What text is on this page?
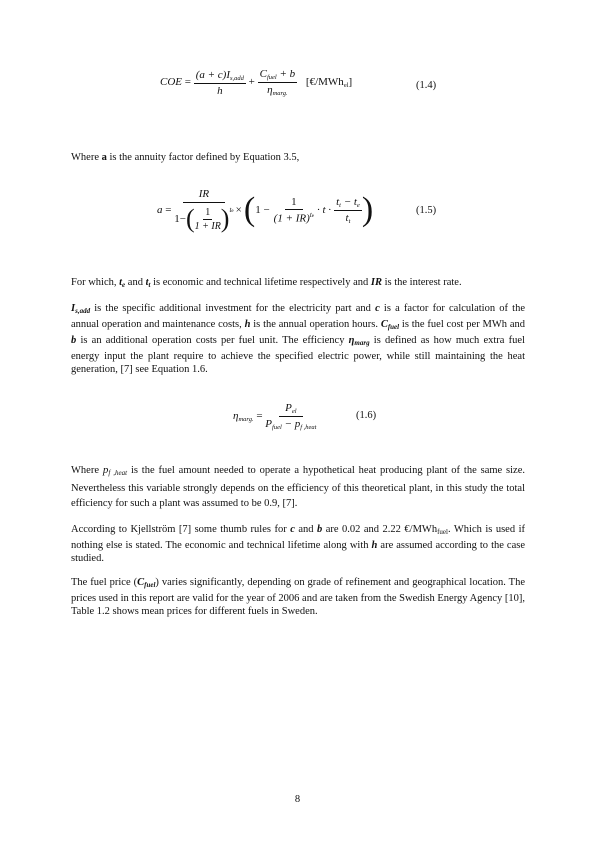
COE = $\frac{(a + c)I_{s,add}}{h} + \frac{C_{fuel} + b}{\eta_{marg.}}$ [€/MWh$_{el}$]	(1.4)
Where a is the annuity factor defined by Equation 3.5,
a =
IR
1− ( $\frac{1}{1 + IR}$ ) $^{te}$ × ( $1 - \frac{1}{(1 + IR)^{te}} \cdot t \cdot \frac{t_t - t_e}{t_t}$ )	(1.5)
For which, te and tt is economic and technical lifetime respectively and IR is the interest rate.
Is,add is the specific additional investment for the electricity part and c is a factor for calculation of the annual operation and maintenance costs, h is the annual operation hours. Cfuel is the fuel cost per MWh and b is an additional operation costs per fuel unit. The efficiency ηmarg is defined as how much extra fuel energy input the plant require to achieve the specified electric power, while still maintaining the heat generation, [7] see Equation 1.6.
$\eta_{marg.} = \frac{P_{el}}{P_{fuel} - p_{f ,heat}}$	(1.6)
Where pf ,heat is the fuel amount needed to operate a hypothetical heat producing plant of the same size. Nevertheless this variable strongly depends on the efficiency of this theoretical plant, in this study the total efficiency for such a plant was assumed to be 0.9, [7].
According to Kjellström [7] some thumb rules for c and b are 0.02 and 2.22 €/MWhfuel. Which is used if nothing else is stated. The economic and technical lifetime along with h are assumed according to the case studied.
The fuel price (Cfuel) varies significantly, depending on grade of refinement and geographical location. The prices used in this report are valid for the year of 2006 and are taken from the Swedish Energy Agency [10], Table 1.2 shows mean prices for different fuels in Sweden.
8
